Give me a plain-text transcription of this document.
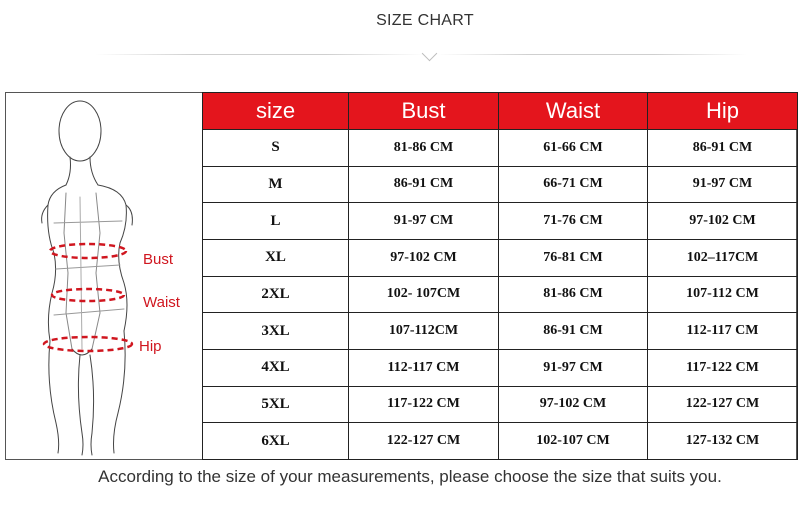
SIZE CHART
Bust
Waist
Hip
size	Bust	Waist	Hip
S	81-86 CM	61-66 CM	86-91 CM
M	86-91 CM	66-71 CM	91-97 CM
L	91-97 CM	71-76 CM	97-102 CM
XL	97-102 CM	76-81 CM	102–117CM
2XL	102- 107CM	81-86 CM	107-112 CM
3XL	107-112CM	86-91 CM	112-117 CM
4XL	112-117 CM	91-97 CM	117-122 CM
5XL	117-122 CM	97-102 CM	122-127 CM
6XL	122-127 CM	102-107 CM	127-132 CM
According to the size of your measurements, please choose the size that suits you.
